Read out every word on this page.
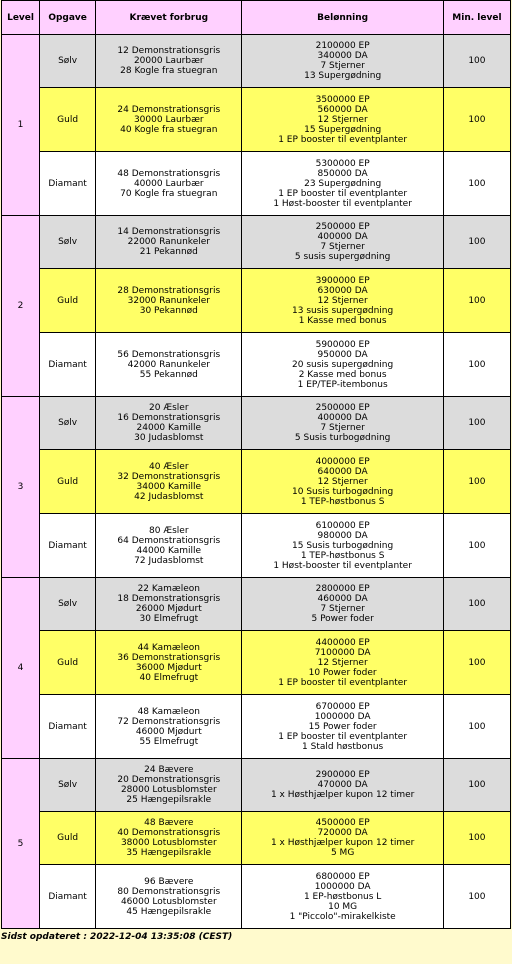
Level	Opgave	Krævet forbrug	Belønning	Min. level
1	Sølv	12 Demonstrationsgris
20000 Laurbær
28 Kogle fra stuegran	2100000 EP
340000 DA
7 Stjerner
13 Supergødning	100
	Guld	24 Demonstrationsgris
30000 Laurbær
40 Kogle fra stuegran	3500000 EP
560000 DA
12 Stjerner
15 Supergødning
1 EP booster til eventplanter	100
	Diamant	48 Demonstrationsgris
40000 Laurbær
70 Kogle fra stuegran	5300000 EP
850000 DA
23 Supergødning
1 EP booster til eventplanter
1 Høst-booster til eventplanter	100
2	Sølv	14 Demonstrationsgris
22000 Ranunkeler
21 Pekannød	2500000 EP
400000 DA
7 Stjerner
5 susis supergødning	100
	Guld	28 Demonstrationsgris
32000 Ranunkeler
30 Pekannød	3900000 EP
630000 DA
12 Stjerner
13 susis supergødning
1 Kasse med bonus	100
	Diamant	56 Demonstrationsgris
42000 Ranunkeler
55 Pekannød	5900000 EP
950000 DA
20 susis supergødning
2 Kasse med bonus
1 EP/TEP-itembonus	100
3	Sølv	20 Æsler
16 Demonstrationsgris
24000 Kamille
30 Judasblomst	2500000 EP
400000 DA
7 Stjerner
5 Susis turbogødning	100
	Guld	40 Æsler
32 Demonstrationsgris
34000 Kamille
42 Judasblomst	4000000 EP
640000 DA
12 Stjerner
10 Susis turbogødning
1 TEP-høstbonus S	100
	Diamant	80 Æsler
64 Demonstrationsgris
44000 Kamille
72 Judasblomst	6100000 EP
980000 DA
15 Susis turbogødning
1 TEP-høstbonus S
1 Høst-booster til eventplanter	100
4	Sølv	22 Kamæleon
18 Demonstrationsgris
26000 Mjødurt
30 Elmefrugt	2800000 EP
460000 DA
7 Stjerner
5 Power foder	100
	Guld	44 Kamæleon
36 Demonstrationsgris
36000 Mjødurt
40 Elmefrugt	4400000 EP
7100000 DA
12 Stjerner
10 Power foder
1 EP booster til eventplanter	100
	Diamant	48 Kamæleon
72 Demonstrationsgris
46000 Mjødurt
55 Elmefrugt	6700000 EP
1000000 DA
15 Power foder
1 EP booster til eventplanter
1 Stald høstbonus	100
5	Sølv	24 Bævere
20 Demonstrationsgris
28000 Lotusblomster
25 Hængepilsrakle	2900000 EP
470000 DA
1 x Høsthjælper kupon 12 timer	100
	Guld	48 Bævere
40 Demonstrationsgris
38000 Lotusblomster
35 Hængepilsrakle	4500000 EP
720000 DA
1 x Høsthjælper kupon 12 timer
5 MG	100
	Diamant	96 Bævere
80 Demonstrationsgris
46000 Lotusblomster
45 Hængepilsrakle	6800000 EP
1000000 DA
1 EP-høstbonus L
10 MG
1 "Piccolo"-mirakelkiste	100
Sidst opdateret : 2022-12-04 13:35:08 (CEST)
